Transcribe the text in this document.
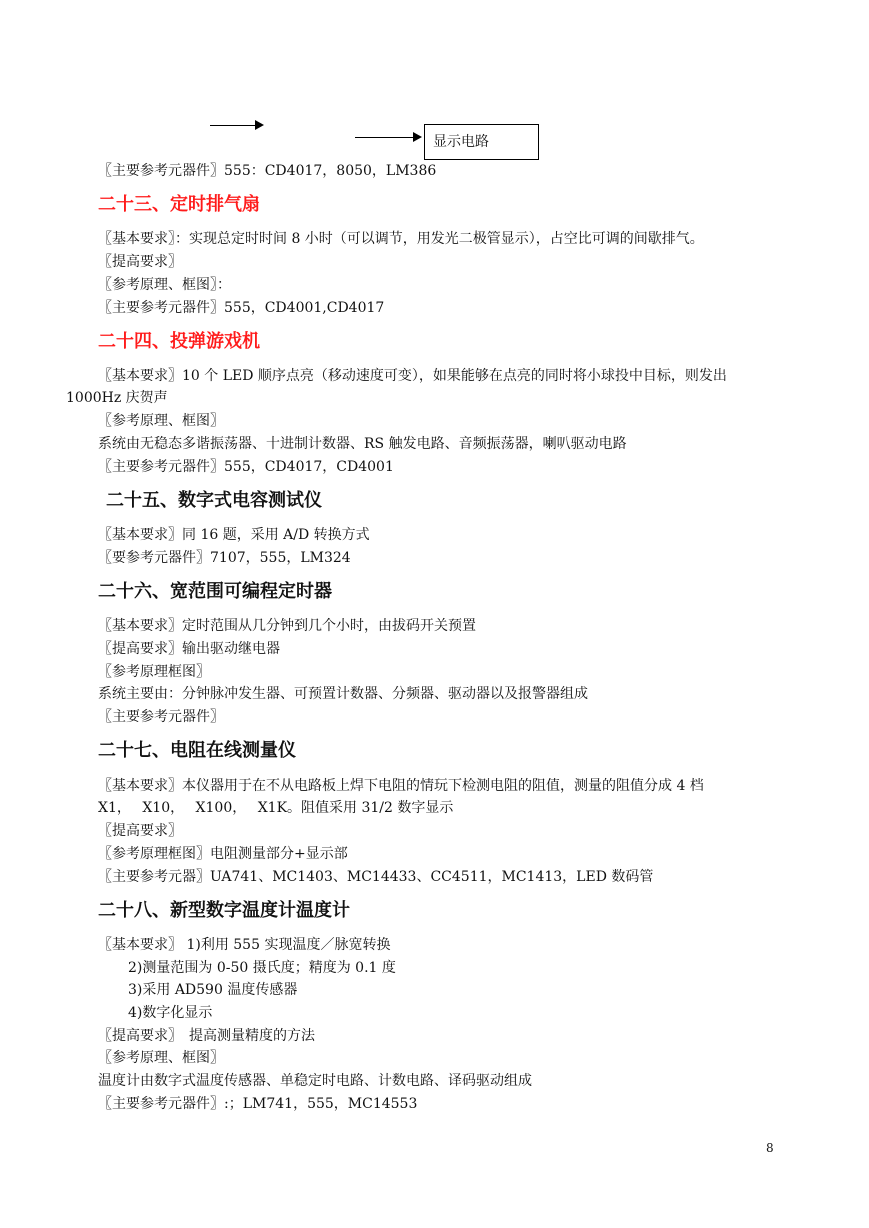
显示电路
〖主要参考元器件〗555：CD4017，8050，LM386
二十三、定时排气扇
〖基本要求〗：实现总定时时间 8 小时（可以调节，用发光二极管显示），占空比可调的间歇排气。
〖提高要求〗
〖参考原理、框图〗：
〖主要参考元器件〗555，CD4001,CD4017
二十四、投弹游戏机
〖基本要求〗10 个 LED 顺序点亮（移动速度可变），如果能够在点亮的同时将小球投中目标，则发出
1000Hz 庆贺声
〖参考原理、框图〗
系统由无稳态多谐振荡器、十进制计数器、RS 触发电路、音频振荡器，喇叭驱动电路
〖主要参考元器件〗555，CD4017，CD4001
二十五、数字式电容测试仪
〖基本要求〗同 16 题，采用 A/D 转换方式
〖要参考元器件〗7107，555，LM324
二十六、宽范围可编程定时器
〖基本要求〗定时范围从几分钟到几个小时，由拔码开关预置
〖提高要求〗输出驱动继电器
〖参考原理框图〗
系统主要由：分钟脉冲发生器、可预置计数器、分频器、驱动器以及报警器组成
〖主要参考元器件〗
二十七、电阻在线测量仪
〖基本要求〗本仪器用于在不从电路板上焊下电阻的情玩下检测电阻的阻值，测量的阻值分成 4 档
X1，　 X10，　 X100，　 X1K。阻值采用 31/2 数字显示
〖提高要求〗
〖参考原理框图〗电阻测量部分+显示部
〖主要参考元器〗UA741、MC1403、MC14433、CC4511，MC1413，LED 数码管
二十八、新型数字温度计温度计
〖基本要求〗 1)利用 555 实现温度／脉宽转换
2)测量范围为 0-50 摄氏度；精度为 0.1 度
3)采用 AD590 温度传感器
4)数字化显示
〖提高要求〗　提高测量精度的方法
〖参考原理、框图〗
温度计由数字式温度传感器、单稳定时电路、计数电路、译码驱动组成
〖主要参考元器件〗:；LM741，555，MC14553
8
